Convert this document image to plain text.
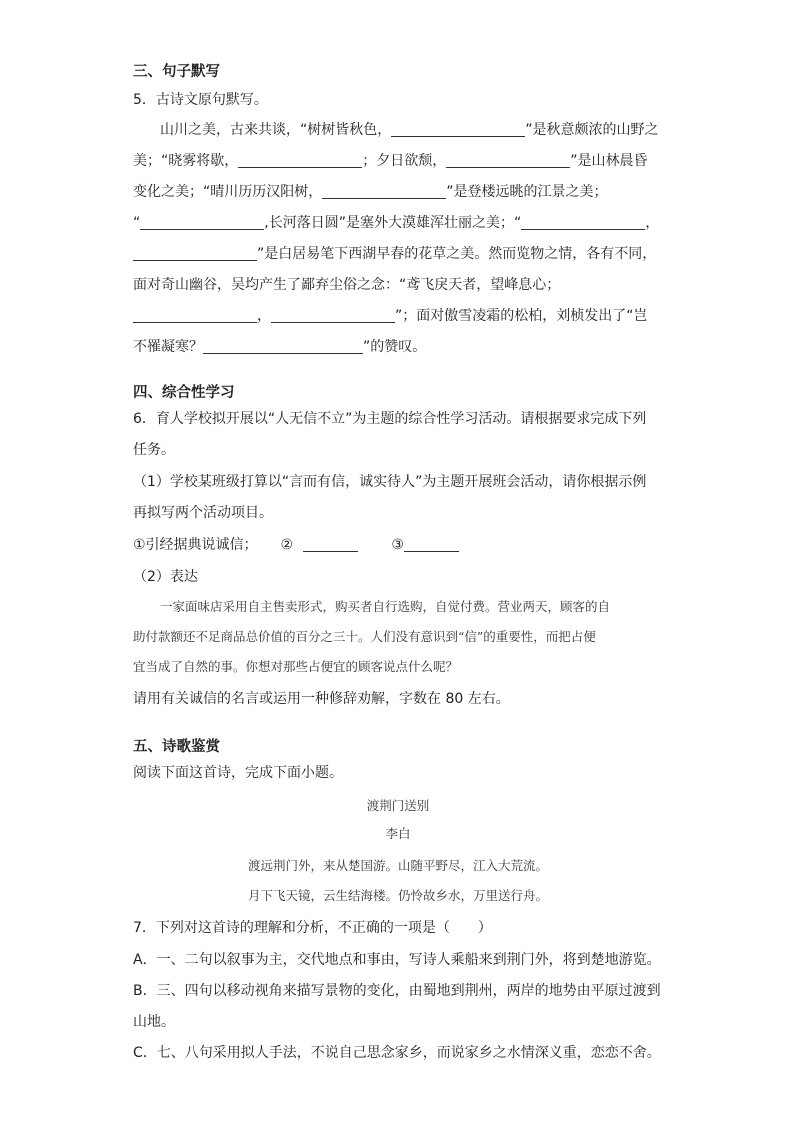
三、句子默写
5．古诗文原句默写。
山川之美，古来共谈，“树树皆秋色，	”是秋意颇浓的山野之
美；“晓雾将歇，	；夕日欲颓，	”是山林晨昏
变化之美；“晴川历历汉阳树，	”是登楼远眺的江景之美；
“	,长河落日圆”是塞外大漠雄浑壮丽之美；“	，
”是白居易笔下西湖早春的花草之美。然而览物之情，各有不同，
面对奇山幽谷，吴均产生了鄙弃尘俗之念：“鸢飞戾天者，望峰息心；
，	”；面对傲雪凌霜的松柏，刘桢发出了“岂
不罹凝寒？	”的赞叹。
四、综合性学习
6．育人学校拟开展以“人无信不立”为主题的综合性学习活动。请根据要求完成下列
任务。
（1）学校某班级打算以“言而有信，诚实待人”为主题开展班会活动，请你根据示例
再拟写两个活动项目。
①引经据典说诚信； ②	③
（2）表达
一家面味店采用自主售卖形式，购买者自行选购，自觉付费。营业两天，顾客的自
助付款额还不足商品总价值的百分之三十。人们没有意识到“信”的重要性，而把占便
宜当成了自然的事。你想对那些占便宜的顾客说点什么呢？
请用有关诚信的名言或运用一种修辞劝解，字数在 80 左右。
五、诗歌鉴赏
阅读下面这首诗，完成下面小题。
渡荆门送别
李白
渡远荆门外，来从楚国游。山随平野尽，江入大荒流。
月下飞天镜，云生结海楼。仍怜故乡水，万里送行舟。
7．下列对这首诗的理解和分析，不正确的一项是（　　）
A．一、二句以叙事为主，交代地点和事由，写诗人乘船来到荆门外，将到楚地游览。
B．三、四句以移动视角来描写景物的变化，由蜀地到荆州，两岸的地势由平原过渡到
山地。
C．七、八句采用拟人手法，不说自己思念家乡，而说家乡之水情深义重，恋恋不舍。
